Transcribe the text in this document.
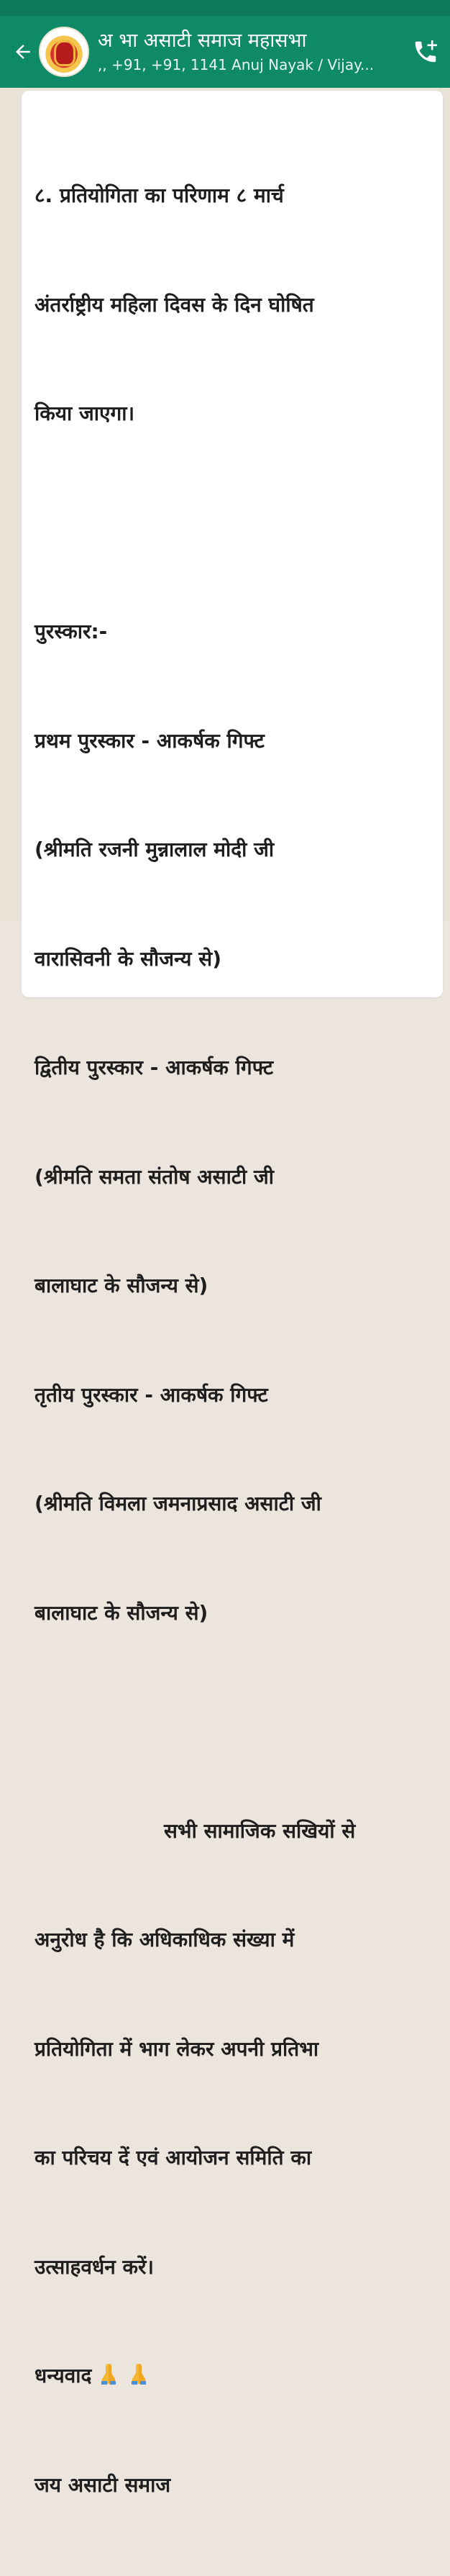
अ भा असाटी समाज महासभा
,, +91, +91, 1141 Anuj Nayak / Vijay...

८. प्रतियोगिता का परिणाम ८ मार्च

अंतर्राष्ट्रीय महिला दिवस के दिन घोषित

किया जाएगा।

पुरस्कार:-

प्रथम पुरस्कार - आकर्षक गिफ्ट

(श्रीमति रजनी मुन्नालाल मोदी जी

वारासिवनी के सौजन्य से)

द्वितीय पुरस्कार - आकर्षक गिफ्ट

(श्रीमति समता संतोष असाटी जी

बालाघाट के सौजन्य से)

तृतीय पुरस्कार - आकर्षक गिफ्ट

(श्रीमति विमला जमनाप्रसाद असाटी जी

बालाघाट के सौजन्य से)

सभी सामाजिक सखियों से

अनुरोध है कि अधिकाधिक संख्या में

प्रतियोगिता में भाग लेकर अपनी प्रतिभा

का परिचय दें एवं आयोजन समिति का

उत्साहवर्धन करें।

धन्यवाद

जय असाटी समाज
